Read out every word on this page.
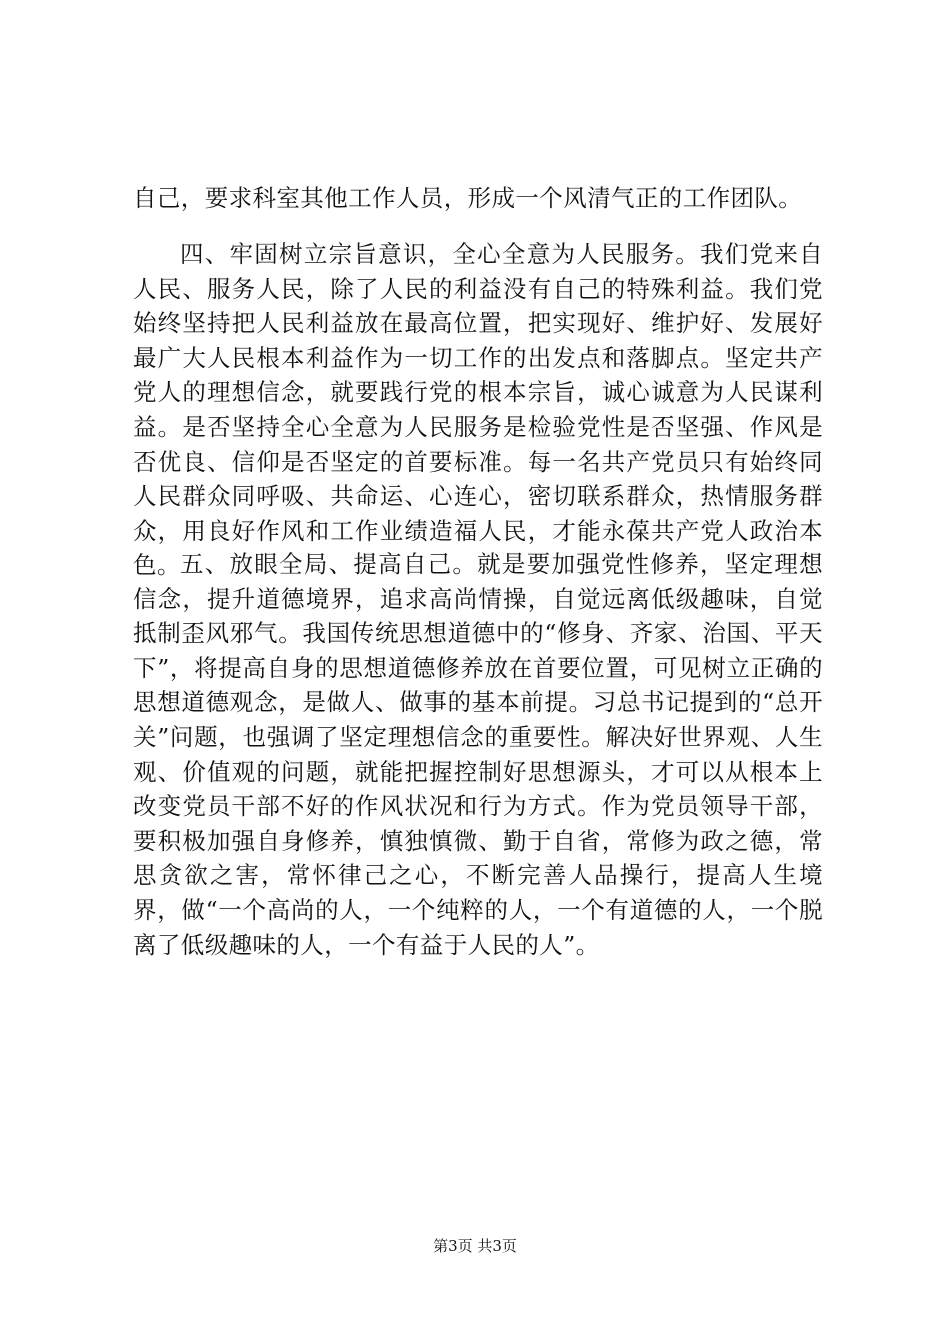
自己，要求科室其他工作人员，形成一个风清气正的工作团队。

四、牢固树立宗旨意识，全心全意为人民服务。我们党来自人民、服务人民，除了人民的利益没有自己的特殊利益。我们党始终坚持把人民利益放在最高位置，把实现好、维护好、发展好最广大人民根本利益作为一切工作的出发点和落脚点。坚定共产党人的理想信念，就要践行党的根本宗旨，诚心诚意为人民谋利益。是否坚持全心全意为人民服务是检验党性是否坚强、作风是否优良、信仰是否坚定的首要标准。每一名共产党员只有始终同人民群众同呼吸、共命运、心连心，密切联系群众，热情服务群众，用良好作风和工作业绩造福人民，才能永葆共产党人政治本色。 五、放眼全局、提高自己。就是要加强党性修养，坚定理想信念，提升道德境界，追求高尚情操，自觉远离低级趣味，自觉抵制歪风邪气。我国传统思想道德中的“修身、齐家、治国、平天下”，将提高自身的思想道德修养放在首要位置，可见树立正确的思想道德观念，是做人、做事的基本前提。习总书记提到的“总开关”问题，也强调了坚定理想信念的重要性。解决好世界观、人生观、价值观的问题，就能把握控制好思想源头，才可以从根本上改变党员干部不好的作风状况和行为方式。作为党员领导干部，要积极加强自身修养，慎独慎微、勤于自省，常修为政之德，常思贪欲之害，常怀律己之心，不断完善人品操行，提高人生境界，做“一个高尚的人，一个纯粹的人，一个有道德的人，一个脱离了低级趣味的人，一个有益于人民的人”。

第3页 共3页
